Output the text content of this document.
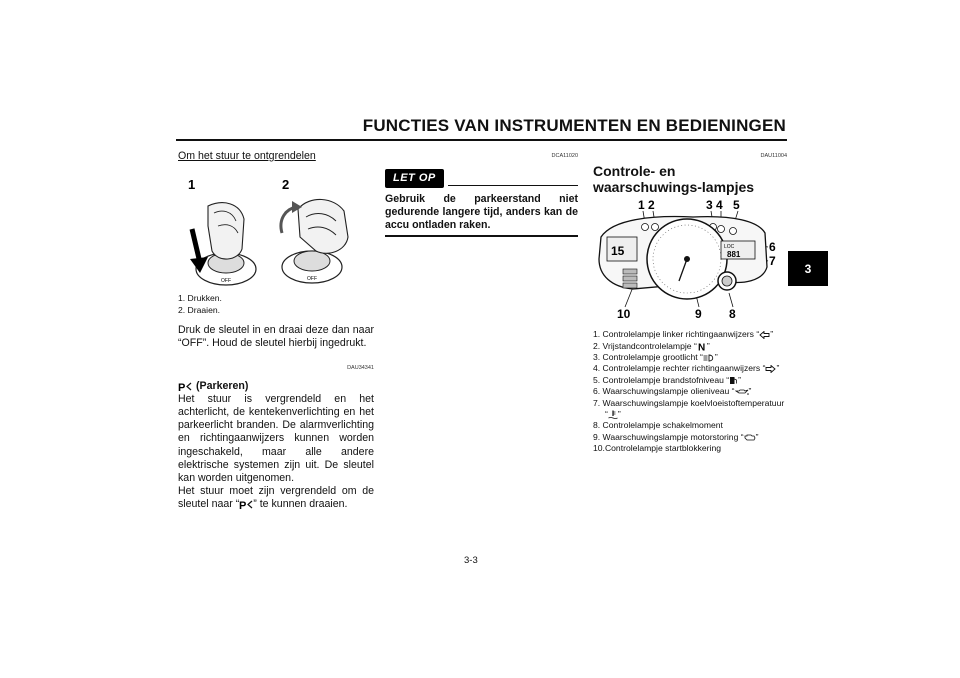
FUNCTIES VAN INSTRUMENTEN EN BEDIENINGEN
3
Om het stuur te ontgrendelen
1	2
OFF	OFF
1. Drukken.
2. Draaien.
Druk de sleutel in en draai deze dan naar “OFF”. Houd de sleutel hierbij ingedrukt.
DAU34341
P (Parkeren)
Het stuur is vergrendeld en het achterlicht, de kentekenverlichting en het parkeerlicht branden. De alarmverlichting en richtingaanwijzers kunnen worden ingeschakeld, maar alle andere elektrische systemen zijn uit. De sleutel kan worden uitgenomen.
Het stuur moet zijn vergrendeld om de sleutel naar “ P ” te kunnen draaien.
DCA11020
LET OP
Gebruik de parkeerstand niet gedurende langere tijd, anders kan de accu ontladen raken.
DAU11004
Controle- en waarschuwings-lampjes
1 2	3 4 5
6
7
10	9 8
15	LOC
881
1. Controlelampje linker richtingaanwijzers “ ”
2. Vrijstandcontrolelampje “ N ”
3. Controlelampje grootlicht “ ”
4. Controlelampje rechter richtingaanwijzers “ ”
5. Controlelampje brandstofniveau “ ”
6. Waarschuwingslampje olieniveau “ ”
7. Waarschuwingslampje koelvloeistoftemperatuur “ ”
8. Controlelampje schakelmoment
9. Waarschuwingslampje motorstoring “ ”
10.Controlelampje startblokkering
3-3
